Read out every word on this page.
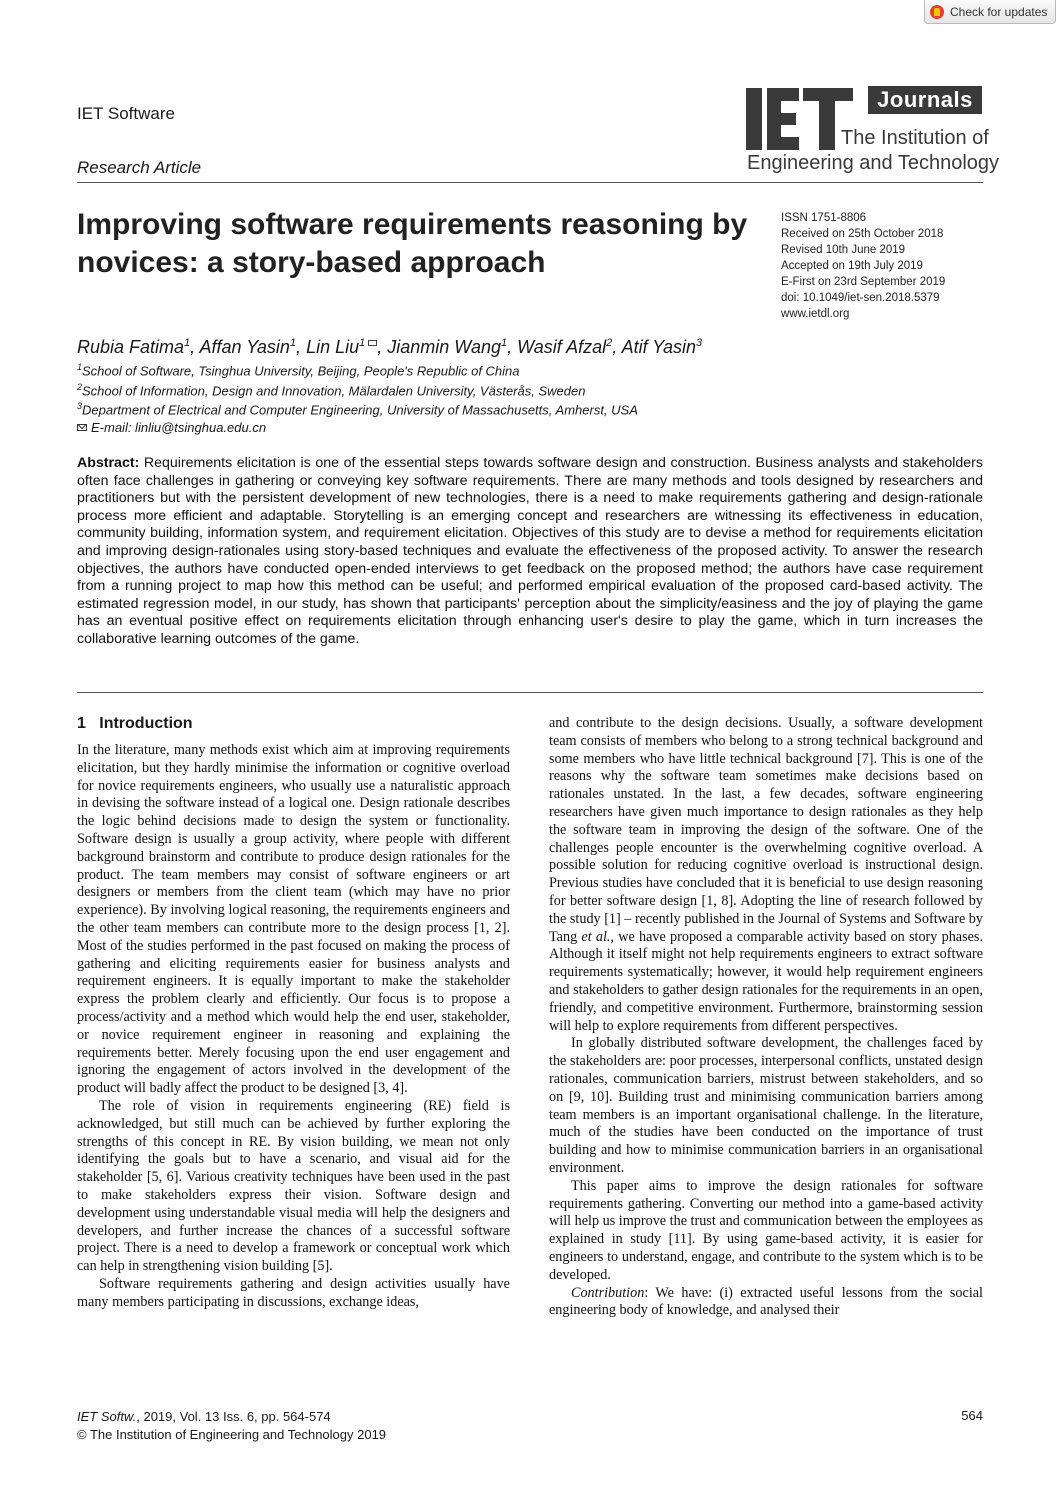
Check for updates
IET Software
Research Article
Journals
The Institution of
Engineering and Technology
Improving software requirements reasoning by novices: a story-based approach
ISSN 1751-8806
Received on 25th October 2018
Revised 10th June 2019
Accepted on 19th July 2019
E-First on 23rd September 2019
doi: 10.1049/iet-sen.2018.5379
www.ietdl.org
Rubia Fatima$^1$, Affan Yasin$^1$, Lin Liu$^1$ , Jianmin Wang$^1$, Wasif Afzal$^2$, Atif Yasin$^3$
$^1$School of Software, Tsinghua University, Beijing, People's Republic of China
$^2$School of Information, Design and Innovation, Mälardalen University, Västerås, Sweden
$^3$Department of Electrical and Computer Engineering, University of Massachusetts, Amherst, USA
E-mail: linliu@tsinghua.edu.cn
Abstract: Requirements elicitation is one of the essential steps towards software design and construction. Business analysts and stakeholders often face challenges in gathering or conveying key software requirements. There are many methods and tools designed by researchers and practitioners but with the persistent development of new technologies, there is a need to make requirements gathering and design-rationale process more efficient and adaptable. Storytelling is an emerging concept and researchers are witnessing its effectiveness in education, community building, information system, and requirement elicitation. Objectives of this study are to devise a method for requirements elicitation and improving design-rationales using story-based techniques and evaluate the effectiveness of the proposed activity. To answer the research objectives, the authors have conducted open-ended interviews to get feedback on the proposed method; the authors have case requirement from a running project to map how this method can be useful; and performed empirical evaluation of the proposed card-based activity. The estimated regression model, in our study, has shown that participants' perception about the simplicity/easiness and the joy of playing the game has an eventual positive effect on requirements elicitation through enhancing user's desire to play the game, which in turn increases the collaborative learning outcomes of the game.
1 Introduction

In the literature, many methods exist which aim at improving requirements elicitation, but they hardly minimise the information or cognitive overload for novice requirements engineers, who usually use a naturalistic approach in devising the software instead of a logical one. Design rationale describes the logic behind decisions made to design the system or functionality. Software design is usually a group activity, where people with different background brainstorm and contribute to produce design rationales for the product. The team members may consist of software engineers or art designers or members from the client team (which may have no prior experience). By involving logical reasoning, the requirements engineers and the other team members can contribute more to the design process [1, 2]. Most of the studies performed in the past focused on making the process of gathering and eliciting requirements easier for business analysts and requirement engineers. It is equally important to make the stakeholder express the problem clearly and efficiently. Our focus is to propose a process/activity and a method which would help the end user, stakeholder, or novice requirement engineer in reasoning and explaining the requirements better. Merely focusing upon the end user engagement and ignoring the engagement of actors involved in the development of the product will badly affect the product to be designed [3, 4].

The role of vision in requirements engineering (RE) field is acknowledged, but still much can be achieved by further exploring the strengths of this concept in RE. By vision building, we mean not only identifying the goals but to have a scenario, and visual aid for the stakeholder [5, 6]. Various creativity techniques have been used in the past to make stakeholders express their vision. Software design and development using understandable visual media will help the designers and developers, and further increase the chances of a successful software project. There is a need to develop a framework or conceptual work which can help in strengthening vision building [5].

Software requirements gathering and design activities usually have many members participating in discussions, exchange ideas,

and contribute to the design decisions. Usually, a software development team consists of members who belong to a strong technical background and some members who have little technical background [7]. This is one of the reasons why the software team sometimes make decisions based on rationales unstated. In the last, a few decades, software engineering researchers have given much importance to design rationales as they help the software team in improving the design of the software. One of the challenges people encounter is the overwhelming cognitive overload. A possible solution for reducing cognitive overload is instructional design. Previous studies have concluded that it is beneficial to use design reasoning for better software design [1, 8]. Adopting the line of research followed by the study [1] – recently published in the Journal of Systems and Software by Tang et al., we have proposed a comparable activity based on story phases. Although it itself might not help requirements engineers to extract software requirements systematically; however, it would help requirement engineers and stakeholders to gather design rationales for the requirements in an open, friendly, and competitive environment. Furthermore, brainstorming session will help to explore requirements from different perspectives.

In globally distributed software development, the challenges faced by the stakeholders are: poor processes, interpersonal conflicts, unstated design rationales, communication barriers, mistrust between stakeholders, and so on [9, 10]. Building trust and minimising communication barriers among team members is an important organisational challenge. In the literature, much of the studies have been conducted on the importance of trust building and how to minimise communication barriers in an organisational environment.

This paper aims to improve the design rationales for software requirements gathering. Converting our method into a game-based activity will help us improve the trust and communication between the employees as explained in study [11]. By using game-based activity, it is easier for engineers to understand, engage, and contribute to the system which is to be developed.

Contribution: We have: (i) extracted useful lessons from the social engineering body of knowledge, and analysed their

IET Softw., 2019, Vol. 13 Iss. 6, pp. 564-574
© The Institution of Engineering and Technology 2019
564
